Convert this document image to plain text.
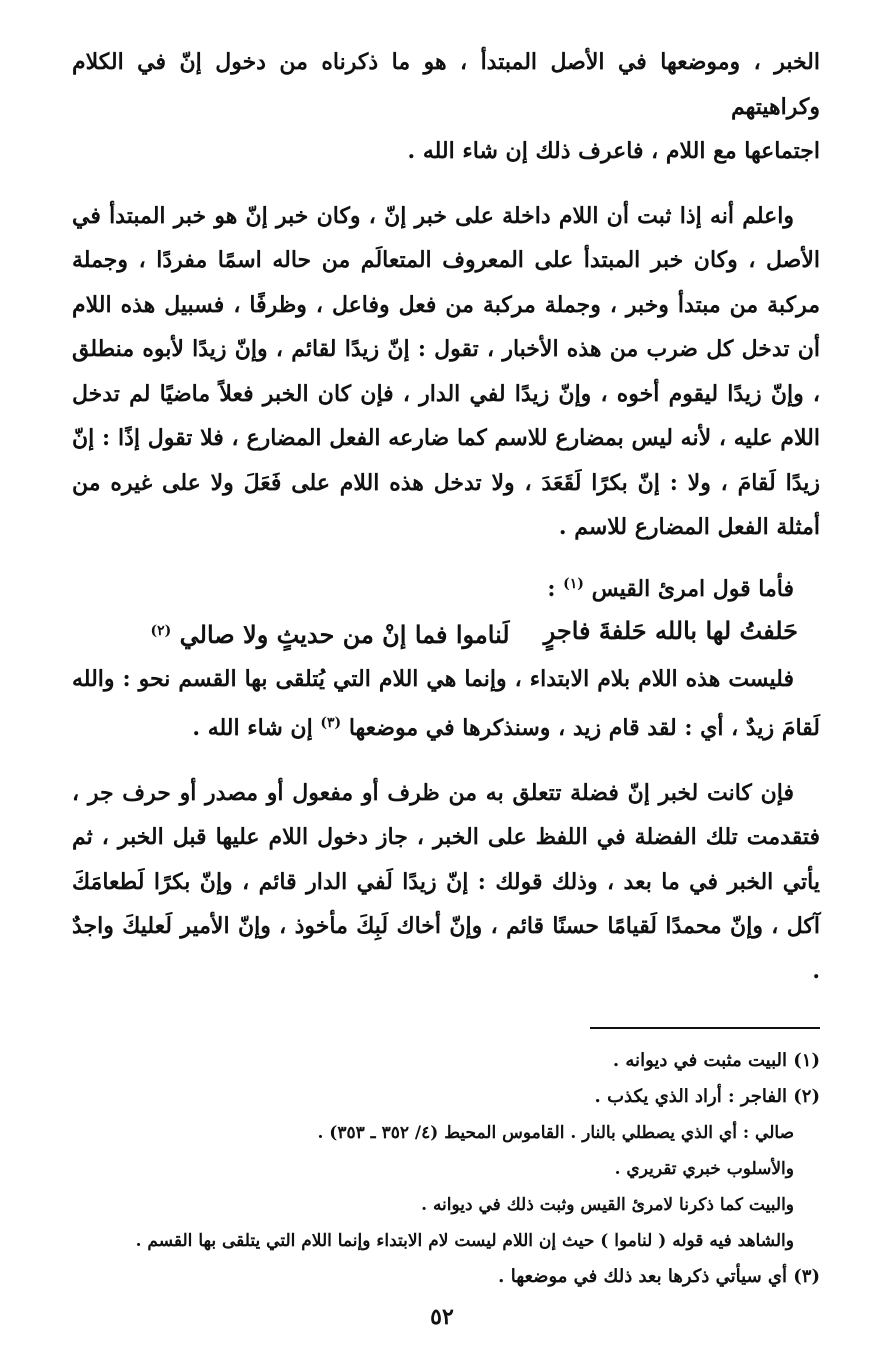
الخبر ، وموضعها في الأصل المبتدأ ، هو ما ذكرناه من دخول إنّ في الكلام وكراهيتهم

اجتماعها مع اللام ، فاعرف ذلك إن شاء الله .

واعلم أنه إذا ثبت أن اللام داخلة على خبر إنّ ، وكان خبر إنّ هو خبر المبتدأ في الأصل ، وكان خبر المبتدأ على المعروف المتعالَم من حاله اسمًا مفردًا ، وجملة مركبة من مبتدأ وخبر ، وجملة مركبة من فعل وفاعل ، وظرفًا ، فسبيل هذه اللام أن تدخل كل ضرب من هذه الأخبار ، تقول : إنّ زيدًا لقائم ، وإنّ زيدًا لأبوه منطلق ، وإنّ زيدًا ليقوم أخوه ، وإنّ زيدًا لفي الدار ، فإن كان الخبر فعلاً ماضيًا لم تدخل اللام عليه ، لأنه ليس بمضارع للاسم كما ضارعه الفعل المضارع ، فلا تقول إذًا : إنّ زيدًا لَقامَ ، ولا : إنّ بكرًا لَقَعَدَ ، ولا تدخل هذه اللام على فَعَلَ ولا على غيره من أمثلة الفعل المضارع للاسم .

فأما قول امرئ القيس $^{(١)}$ :

حَلفتُ لها بالله حَلفةَ فاجرٍ
لَناموا فما إنْ من حديثٍ ولا صالي $^{(٢)}$

فليست هذه اللام بلام الابتداء ، وإنما هي اللام التي يُتلقى بها القسم نحو : والله لَقامَ زيدٌ ، أي : لقد قام زيد ، وسنذكرها في موضعها $^{(٣)}$ إن شاء الله .

فإن كانت لخبر إنّ فضلة تتعلق به من ظرف أو مفعول أو مصدر أو حرف جر ، فتقدمت تلك الفضلة في اللفظ على الخبر ، جاز دخول اللام عليها قبل الخبر ، ثم يأتي الخبر في ما بعد ، وذلك قولك : إنّ زيدًا لَفي الدار قائم ، وإنّ بكرًا لَطعامَكَ آكل ، وإنّ محمدًا لَقيامًا حسنًا قائم ، وإنّ أخاك لَبِكَ مأخوذ ، وإنّ الأمير لَعليكَ واجدٌ .

(١) البيت مثبت في ديوانه .

(٢) الفاجر : أراد الذي يكذب .

صالي : أي الذي يصطلي بالنار . القاموس المحيط (٤/ ٣٥٢ ـ ٣٥٣) .

والأسلوب خبري تقريري .

والبيت كما ذكرنا لامرئ القيس وثبت ذلك في ديوانه .

والشاهد فيه قوله ( لناموا ) حيث إن اللام ليست لام الابتداء وإنما اللام التي يتلقى بها القسم .

(٣) أي سيأتي ذكرها بعد ذلك في موضعها .

٥٢
